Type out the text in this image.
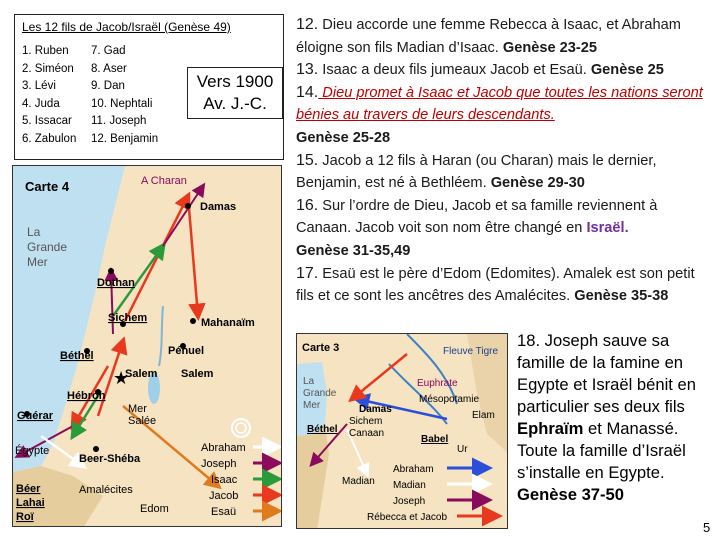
Les 12 fils de Jacob/Israël (Genèse 49)
1. Ruben
2. Siméon
3. Lévi
4. Juda
5. Issacar
6. Zabulon
7. Gad
8. Aser
9. Dan
10. Nephtali
11. Joseph
12. Benjamin
Vers 1900
Av. J.-C.
★
Carte 4
La
Grande
Mer
A Charan
Damas
Dothan
Sichem	Mahanaïm
Béthel	Pénuel
Salem Salem
Hébron
Mer
Salée
Guérar
Égypte
Beer-Shéba
Béer
Lahai
Roï
Amalécites
Edom
Abraham
Joseph
Isaac
Jacob
Esaü

12. Dieu accorde une femme Rebecca à Isaac, et Abraham éloigne son fils Madian d’Isaac. Genèse 23-25

13. Isaac a deux fils jumeaux Jacob et Esaü. Genèse 25

14. Dieu promet à Isaac et Jacob que toutes les nations seront bénies au travers de leurs descendants.
Genèse 25-28

15. Jacob a 12 fils à Haran (ou Charan) mais le dernier, Benjamin, est né à Bethléem. Genèse 29-30

16. Sur l’ordre de Dieu, Jacob et sa famille reviennent à Canaan. Jacob voit son nom être changé en Israël.
Genèse 31-35,49

17. Esaü est le père d’Edom (Edomites). Amalek est son petit fils et ce sont les ancêtres des Amalécites. Genèse 35-38

Carte 3	Fleuve Tigre
Euphrate
Mésopotamie
La
Grande
Mer	Damas
Sichem
Canaan
Béthel
Elam
Babel
Ur
Madian
Abraham
Madian
Joseph
Rébecca et Jacob
18. Joseph sauve sa famille de la famine en Egypte et Israël bénit en particulier ses deux fils Ephraïm et Manassé. Toute la famille d’Israël s’installe en Egypte. Genèse 37-50
5
